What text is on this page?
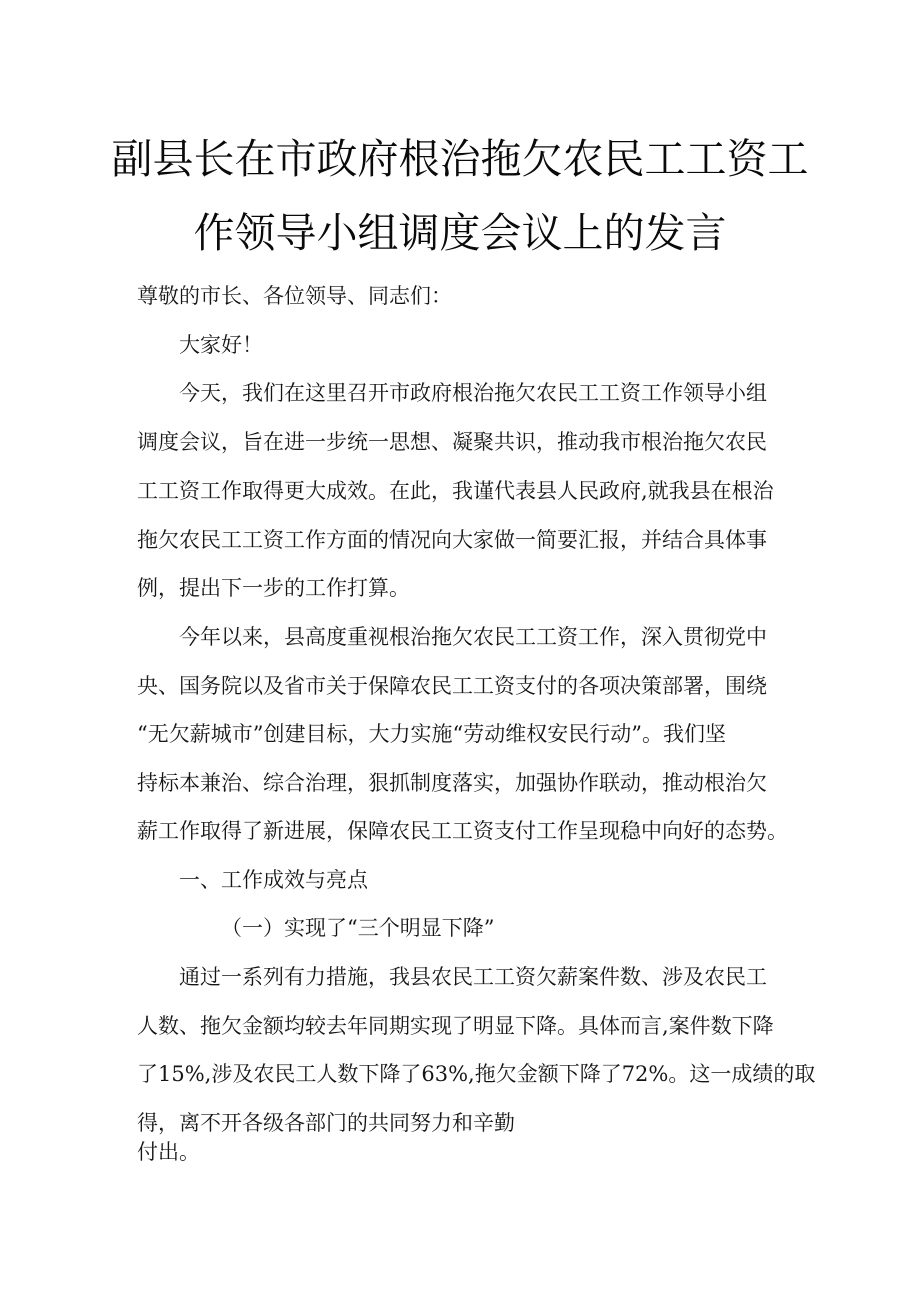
副县长在市政府根治拖欠农民工工资工
作领导小组调度会议上的发言
尊敬的市长、各位领导、同志们：
大家好！
今天，我们在这里召开市政府根治拖欠农民工工资工作领导小组
调度会议，旨在进一步统一思想、凝聚共识，推动我市根治拖欠农民
工工资工作取得更大成效。在此，我谨代表县人民政府,就我县在根治
拖欠农民工工资工作方面的情况向大家做一简要汇报，并结合具体事
例，提出下一步的工作打算。
今年以来，县高度重视根治拖欠农民工工资工作，深入贯彻党中
央、国务院以及省市关于保障农民工工资支付的各项决策部署，围绕
“无欠薪城市”创建目标，大力实施“劳动维权安民行动”。我们坚
持标本兼治、综合治理，狠抓制度落实，加强协作联动，推动根治欠
薪工作取得了新进展，保障农民工工资支付工作呈现稳中向好的态势。
一、工作成效与亮点
（一）实现了“三个明显下降”
通过一系列有力措施，我县农民工工资欠薪案件数、涉及农民工
人数、拖欠金额均较去年同期实现了明显下降。具体而言,案件数下降
了15%,涉及农民工人数下降了63%,拖欠金额下降了72%。这一成绩的取
得，离不开各级各部门的共同努力和辛勤
付出。
